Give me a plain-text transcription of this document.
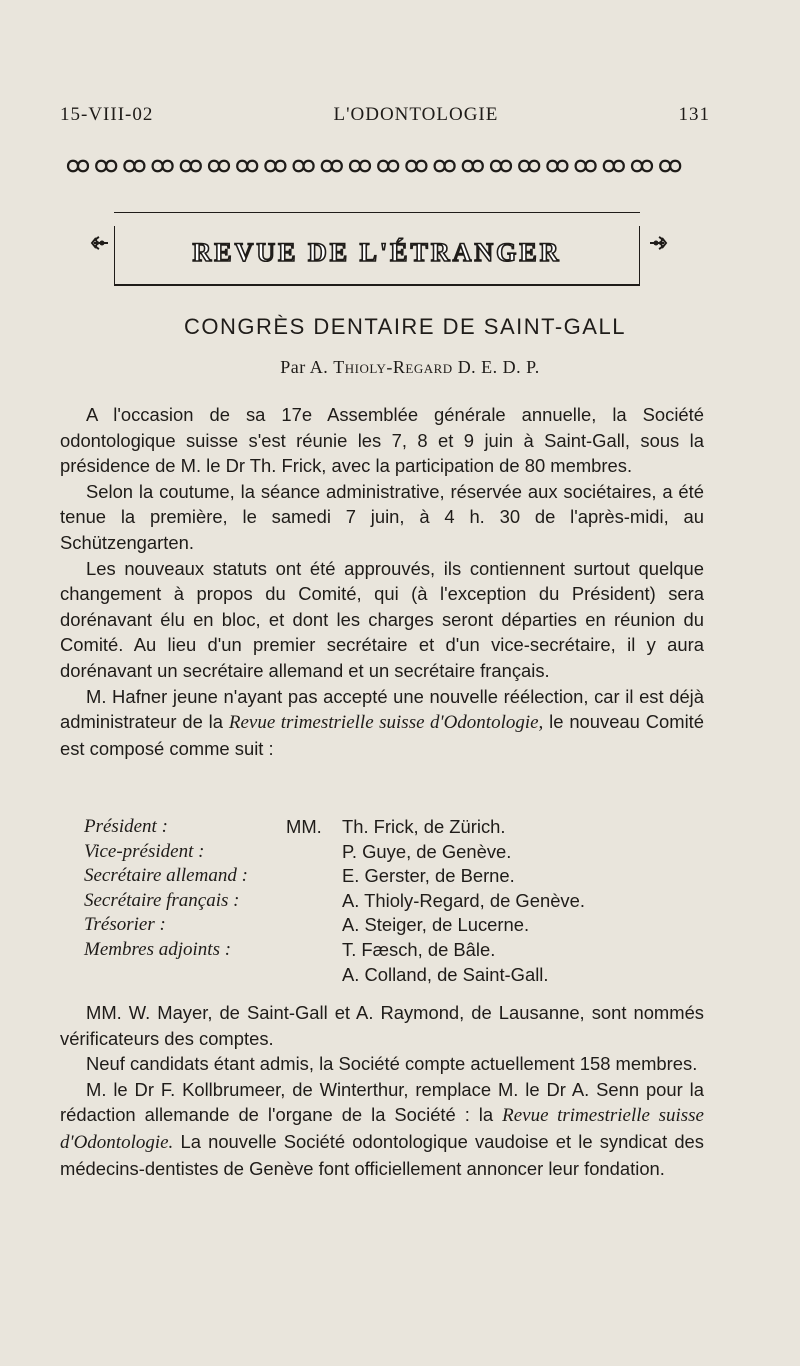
15-VIII-02	L'ODONTOLOGIE	131
REVUE DE L'ÉTRANGER
CONGRÈS DENTAIRE DE SAINT-GALL
Par A. Thioly-Regard D. E. D. P.

A l'occasion de sa 17e Assemblée générale annuelle, la Société odontologique suisse s'est réunie les 7, 8 et 9 juin à Saint-Gall, sous la présidence de M. le Dr Th. Frick, avec la participation de 80 membres.

Selon la coutume, la séance administrative, réservée aux sociétaires, a été tenue la première, le samedi 7 juin, à 4 h. 30 de l'après-midi, au Schützengarten.

Les nouveaux statuts ont été approuvés, ils contiennent surtout quelque changement à propos du Comité, qui (à l'exception du Président) sera dorénavant élu en bloc, et dont les charges seront départies en réunion du Comité. Au lieu d'un premier secrétaire et d'un vice-secrétaire, il y aura dorénavant un secrétaire allemand et un secrétaire français.

M. Hafner jeune n'ayant pas accepté une nouvelle réélection, car il est déjà administrateur de la Revue trimestrielle suisse d'Odontologie, le nouveau Comité est composé comme suit :

Président :	MM.	Th. Frick, de Zürich.
Vice-président :	P. Guye, de Genève.
Secrétaire allemand :	E. Gerster, de Berne.
Secrétaire français :	A. Thioly-Regard, de Genève.
Trésorier :	A. Steiger, de Lucerne.
Membres adjoints :	T. Fæsch, de Bâle.
A. Colland, de Saint-Gall.

MM. W. Mayer, de Saint-Gall et A. Raymond, de Lausanne, sont nommés vérificateurs des comptes.

Neuf candidats étant admis, la Société compte actuellement 158 membres.

M. le Dr F. Kollbrumeer, de Winterthur, remplace M. le Dr A. Senn pour la rédaction allemande de l'organe de la Société : la Revue trimestrielle suisse d'Odontologie. La nouvelle Société odontologique vaudoise et le syndicat des médecins-dentistes de Genève font officiellement annoncer leur fondation.
